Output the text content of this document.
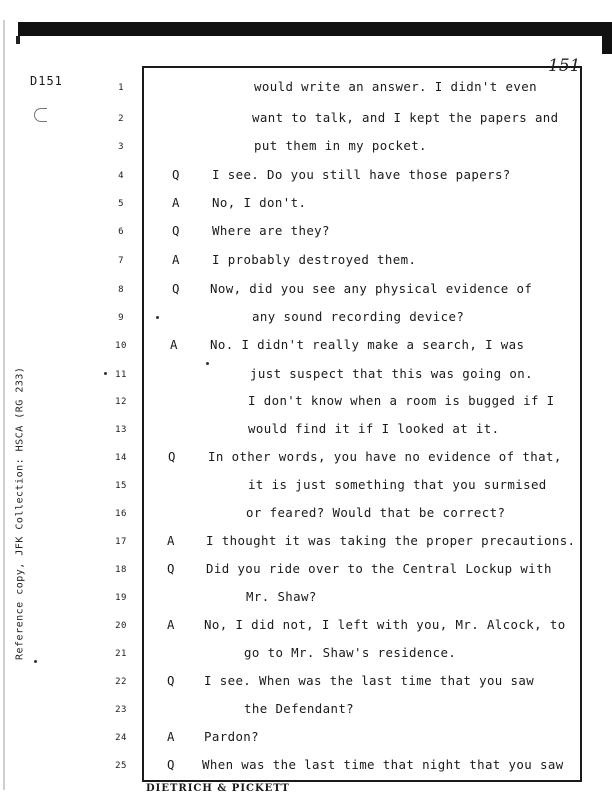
D151
151
Reference copy, JFK Collection: HSCA (RG 233)
1	would write an answer. I didn't even
2	want to talk, and I kept the papers and
3	put them in my pocket.
4	Q	I see. Do you still have those papers?
5	A	No, I don't.
6	Q	Where are they?
7	A	I probably destroyed them.
8	Q Now, did you see any physical evidence of
9	any sound recording device?
10	A	No. I didn't really make a search, I was
11	just suspect that this was going on.
12	I don't know when a room is bugged if I
13	would find it if I looked at it.
14	Q	In other words, you have no evidence of that,
15	it is just something that you surmised
16	or feared? Would that be correct?
17	A	I thought it was taking the proper precautions.
18	Q	Did you ride over to the Central Lockup with
19	Mr. Shaw?
20	A No, I did not, I left with you, Mr. Alcock, to
21	go to Mr. Shaw's residence.
22	Q I see. When was the last time that you saw
23	the Defendant?
24	A Pardon?
25	Q When was the last time that night that you saw
DIETRICH & PICKETT
